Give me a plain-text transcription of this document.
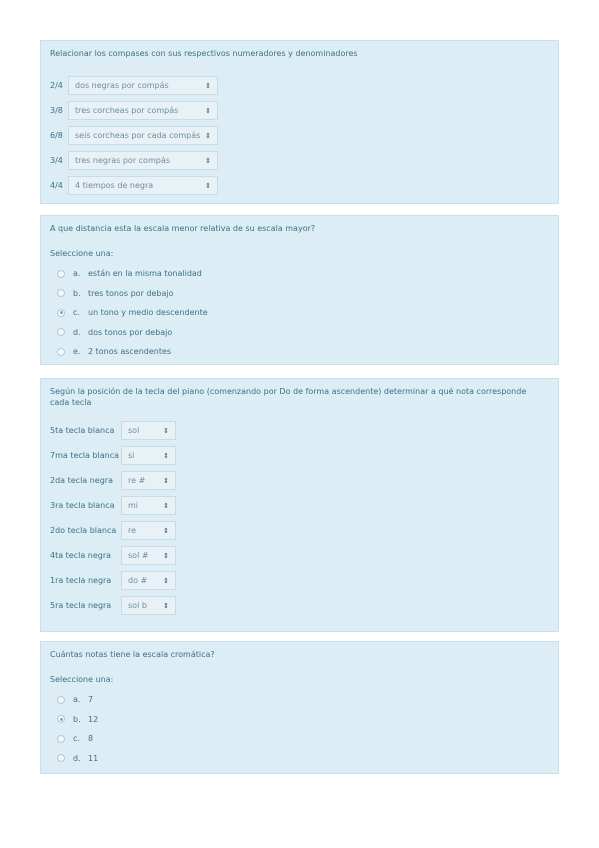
Relacionar los compases con sus respectivos numeradores y denominadores

2/4	dos negras por compás	⇕
3/8	tres corcheas por compás	⇕
6/8	seis corcheas por cada compás ⇕
3/4	tres negras por compás	⇕
4/4	4 tiempos de negra	⇕

A que distancia esta la escala menor relativa de su escala mayor?

Seleccione una:

a. están en la misma tonalidad
b. tres tonos por debajo
c.	un tono y medio descendente
d. dos tonos por debajo
e. 2 tonos ascendentes

Según la posición de la tecla del piano (comenzando por Do de forma ascendente) determinar a qué nota corresponde
cada tecla

5ta tecla blanca	sol	⇕
7ma tecla blanca si	⇕
2da tecla negra	re #	⇕
3ra tecla blanca	mi	⇕
2do tecla blanca	re	⇕
4ta tecla negra	sol # ⇕
1ra tecla negra	do # ⇕
5ra tecla negra	sol b ⇕

Cuántas notas tiene la escala cromática?

Seleccione una:

a. 7
b. 12
c.	8
d. 11
